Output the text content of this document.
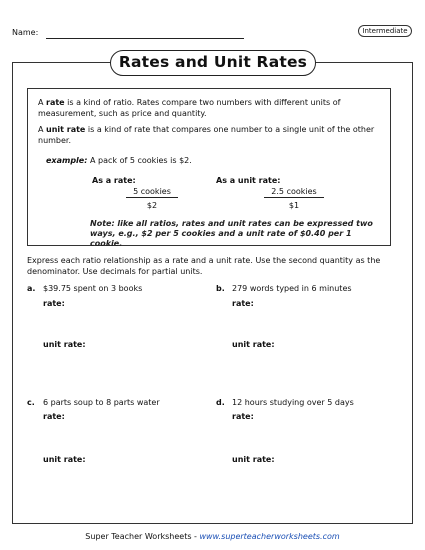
Name:	Intermediate
Rates and Unit Rates
A rate is a kind of ratio. Rates compare two numbers with different units of measurement, such as price and quantity.
A unit rate is a kind of rate that compares one number to a single unit of the other number.
example: A pack of 5 cookies is $2.
As a rate:
5 cookies
$2
As a unit rate:
2.5 cookies
$1
Note: like all ratios, rates and unit rates can be expressed two ways, e.g., $2 per 5 cookies and a unit rate of $0.40 per 1 cookie.
Express each ratio relationship as a rate and a unit rate. Use the second quantity as the denominator. Use decimals for partial units.
a. $39.75 spent on 3 books
rate:
unit rate:
b. 279 words typed in 6 minutes
rate:
unit rate:
c. 6 parts soup to 8 parts water
rate:
unit rate:
d. 12 hours studying over 5 days
rate:
unit rate:
Super Teacher Worksheets - www.superteacherworksheets.com
